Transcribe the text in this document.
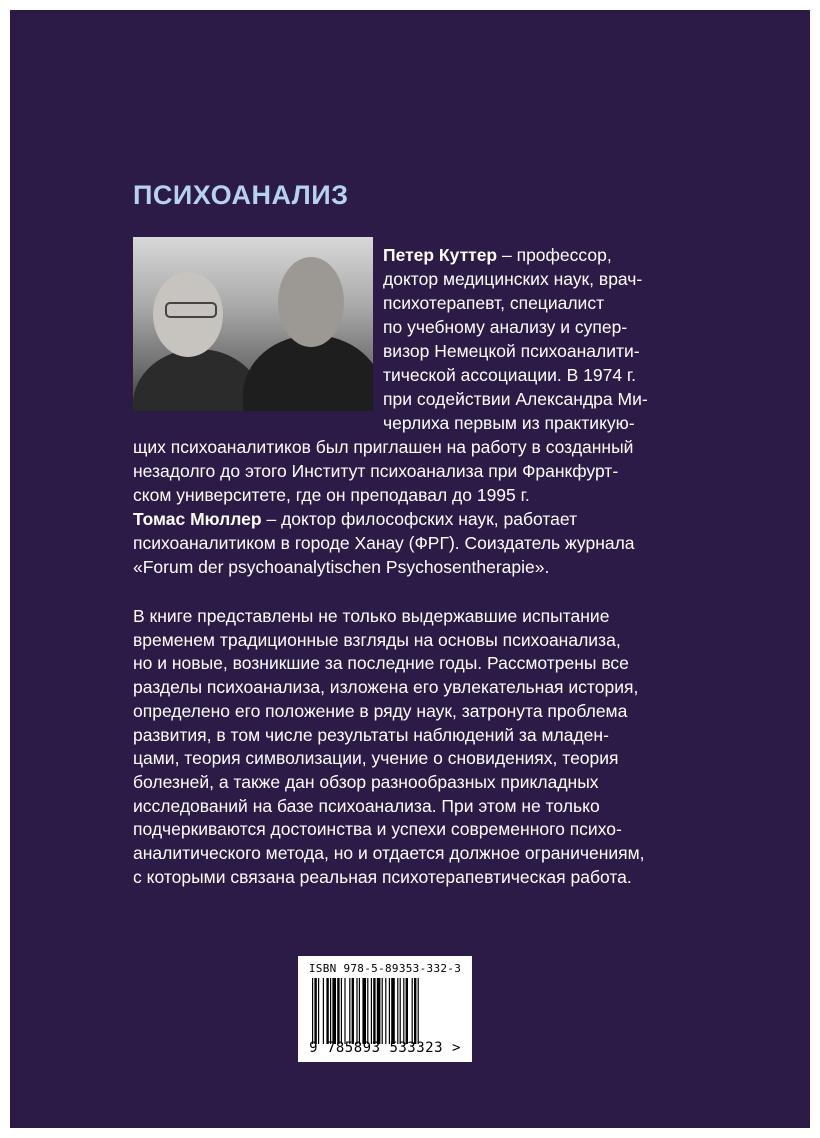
ПСИХОАНАЛИЗ
Петер Куттер – профессор,
доктор медицинских наук, врач-
психотерапевт, специалист
по учебному анализу и супер-
визор Немецкой психоаналити-
тической ассоциации. В 1974 г.
при содействии Александра Ми-
черлиха первым из практикую-
щих психоаналитиков был приглашен на работу в созданный
незадолго до этого Институт психоанализа при Франкфурт-
ском университете, где он преподавал до 1995 г.
Томас Мюллер – доктор философских наук, работает
психоаналитиком в городе Ханау (ФРГ). Соиздатель журнала
«Forum der psychoanalytischen Psychosentherapie».
В книге представлены не только выдержавшие испытание
временем традиционные взгляды на основы психоанализа,
но и новые, возникшие за последние годы. Рассмотрены все
разделы психоанализа, изложена его увлекательная история,
определено его положение в ряду наук, затронута проблема
развития, в том числе результаты наблюдений за младен-
цами, теория символизации, учение о сновидениях, теория
болезней, а также дан обзор разнообразных прикладных
исследований на базе психоанализа. При этом не только
подчеркиваются достоинства и успехи современного психо-
аналитического метода, но и отдается должное ограничениям,
с которыми связана реальная психотерапевтическая работа.
ISBN 978-5-89353-332-3
9 785893 533323 >
